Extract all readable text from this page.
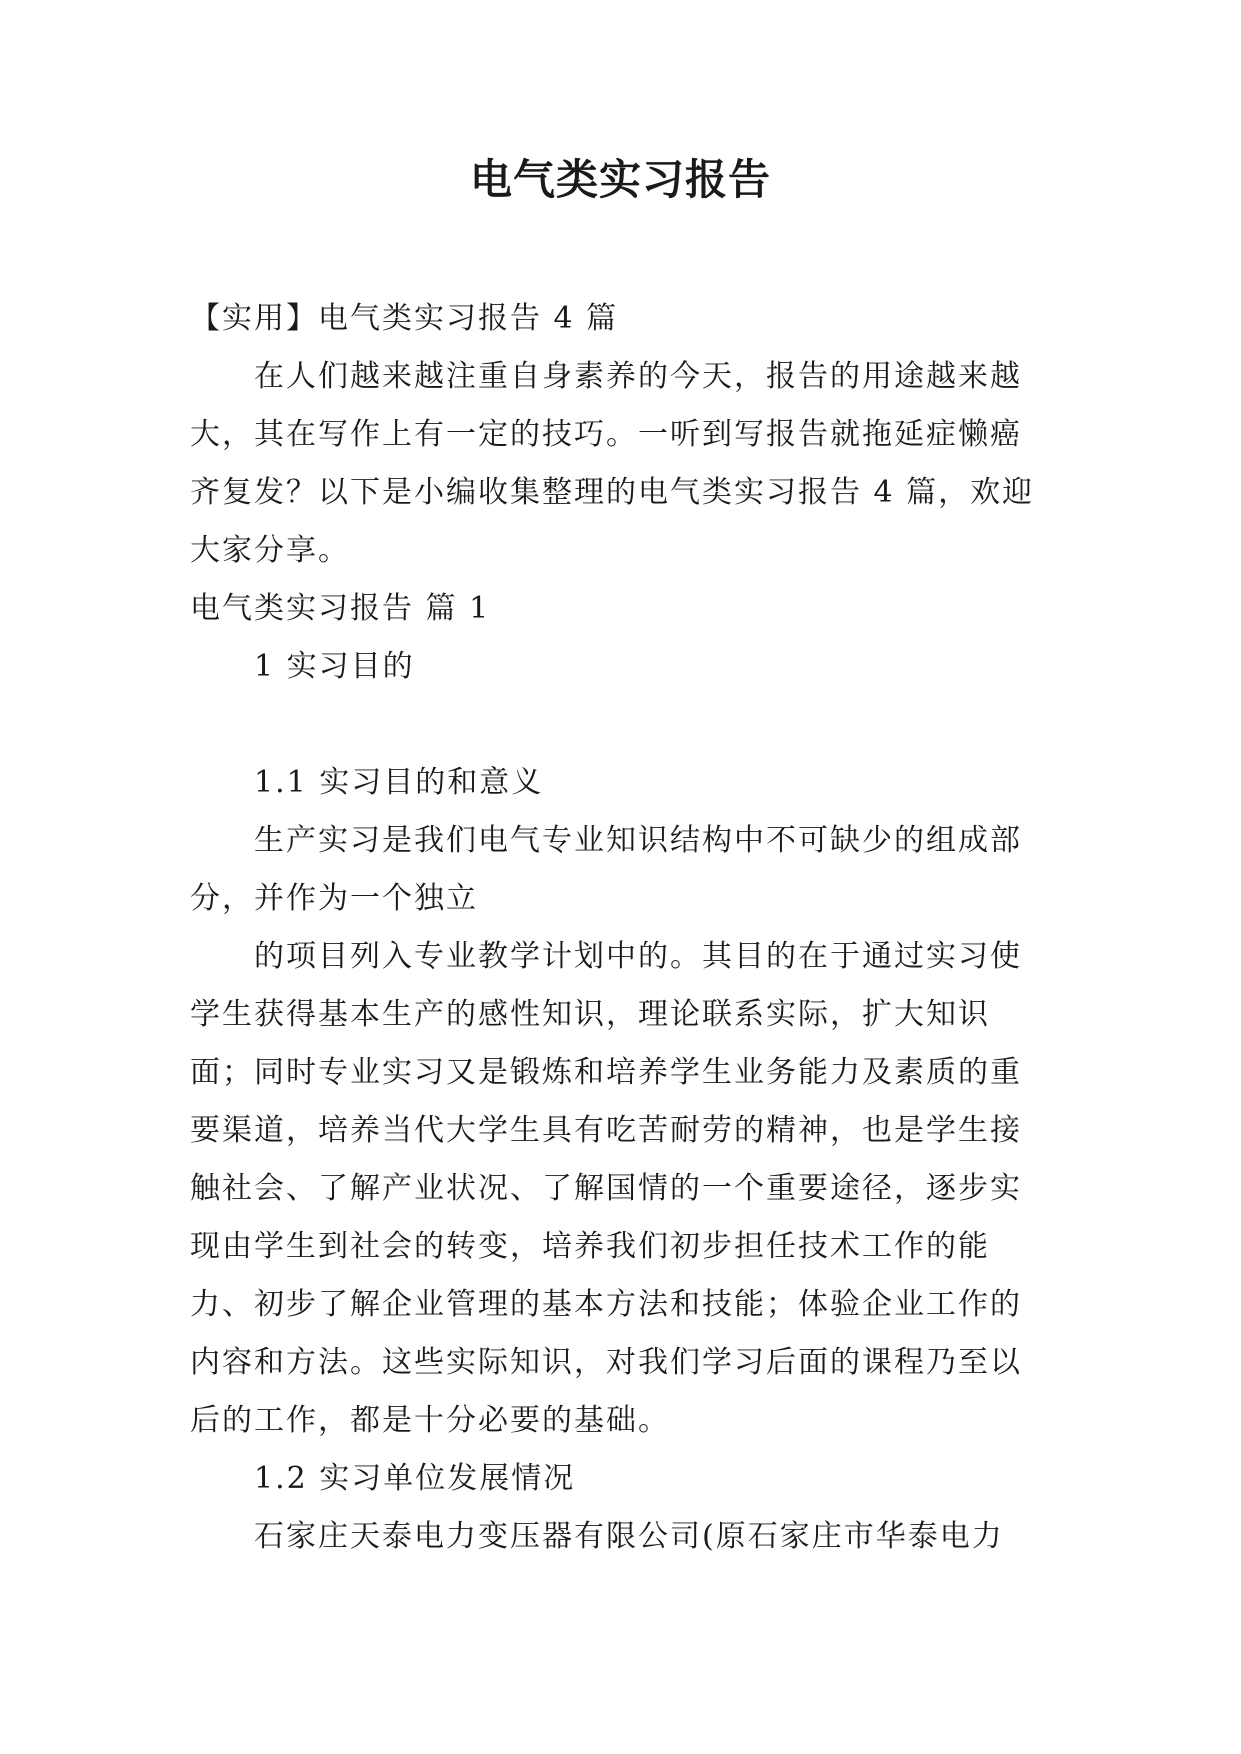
电气类实习报告

【实用】电气类实习报告 4 篇

在人们越来越注重自身素养的今天，报告的用途越来越大，其在写作上有一定的技巧。一听到写报告就拖延症懒癌齐复发？以下是小编收集整理的电气类实习报告 4 篇，欢迎大家分享。

电气类实习报告 篇 1

1 实习目的

1.1 实习目的和意义

生产实习是我们电气专业知识结构中不可缺少的组成部分，并作为一个独立

的项目列入专业教学计划中的。其目的在于通过实习使学生获得基本生产的感性知识，理论联系实际，扩大知识面；同时专业实习又是锻炼和培养学生业务能力及素质的重要渠道，培养当代大学生具有吃苦耐劳的精神，也是学生接触社会、了解产业状况、了解国情的一个重要途径，逐步实现由学生到社会的转变，培养我们初步担任技术工作的能力、初步了解企业管理的基本方法和技能；体验企业工作的内容和方法。这些实际知识，对我们学习后面的课程乃至以后的工作，都是十分必要的基础。

1.2 实习单位发展情况

石家庄天泰电力变压器有限公司(原石家庄市华泰电力
